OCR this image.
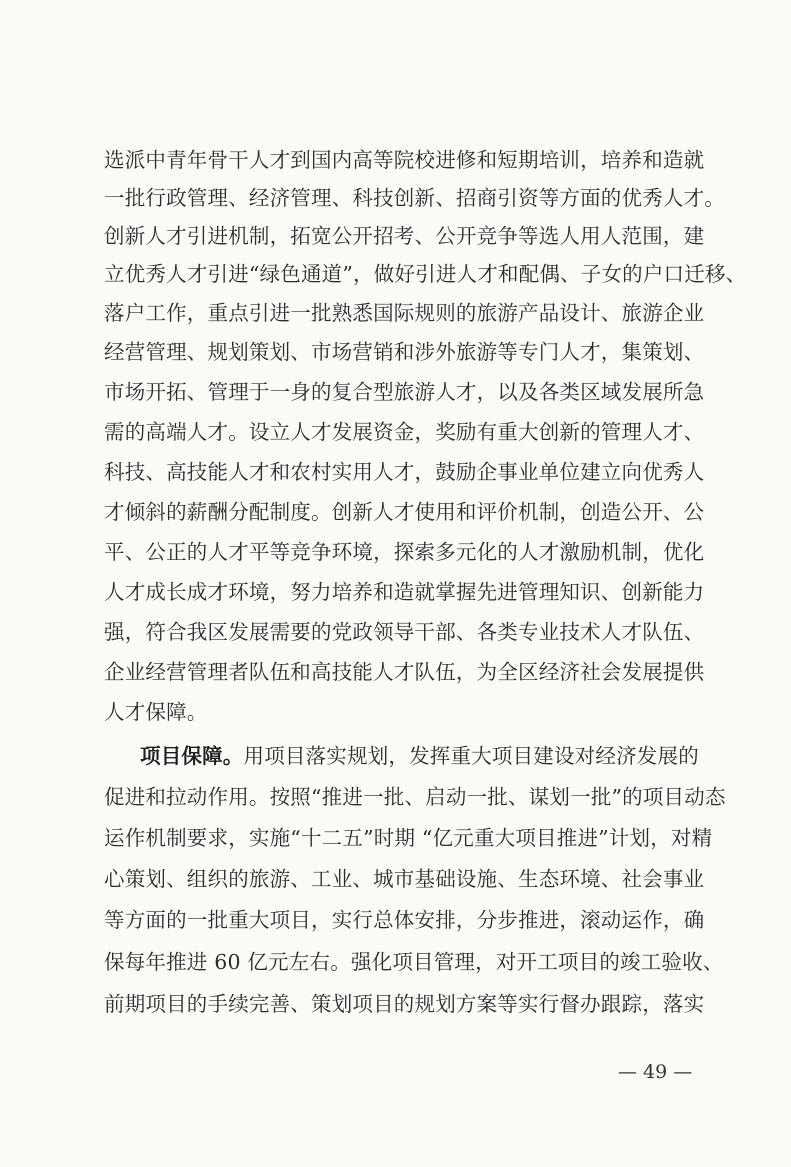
选派中青年骨干人才到国内高等院校进修和短期培训，培养和造就
一批行政管理、经济管理、科技创新、招商引资等方面的优秀人才。
创新人才引进机制，拓宽公开招考、公开竞争等选人用人范围，建
立优秀人才引进“绿色通道”，做好引进人才和配偶、子女的户口迁移、
落户工作，重点引进一批熟悉国际规则的旅游产品设计、旅游企业
经营管理、规划策划、市场营销和涉外旅游等专门人才，集策划、
市场开拓、管理于一身的复合型旅游人才，以及各类区域发展所急
需的高端人才。设立人才发展资金，奖励有重大创新的管理人才、
科技、高技能人才和农村实用人才，鼓励企事业单位建立向优秀人
才倾斜的薪酬分配制度。创新人才使用和评价机制，创造公开、公
平、公正的人才平等竞争环境，探索多元化的人才激励机制，优化
人才成长成才环境，努力培养和造就掌握先进管理知识、创新能力
强，符合我区发展需要的党政领导干部、各类专业技术人才队伍、
企业经营管理者队伍和高技能人才队伍，为全区经济社会发展提供
人才保障。
项目保障。用项目落实规划，发挥重大项目建设对经济发展的
促进和拉动作用。按照“推进一批、启动一批、谋划一批”的项目动态
运作机制要求，实施“十二五”时期 “亿元重大项目推进”计划，对精
心策划、组织的旅游、工业、城市基础设施、生态环境、社会事业
等方面的一批重大项目，实行总体安排，分步推进，滚动运作，确
保每年推进 60 亿元左右。强化项目管理，对开工项目的竣工验收、
前期项目的手续完善、策划项目的规划方案等实行督办跟踪，落实
— 49 —
